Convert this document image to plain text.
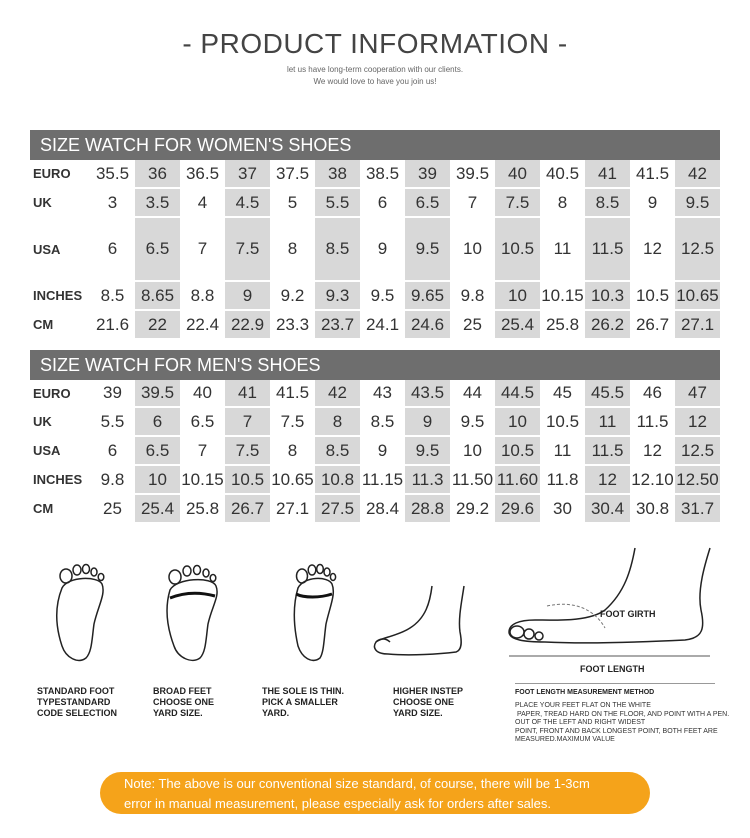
- PRODUCT INFORMATION -
let us have long-term cooperation with our clients.
We would love to have you join us!
SIZE WATCH FOR WOMEN'S SHOES
EURO	35.5	36	36.5	37	37.5	38	38.5	39	39.5	40	40.5	41	41.5	42
UK	3	3.5	4	4.5	5	5.5	6	6.5	7	7.5	8	8.5	9	9.5
USA	6	6.5	7	7.5	8	8.5	9	9.5	10	10.5	11	11.5	12	12.5
INCHES	8.5	8.65	8.8	9	9.2	9.3	9.5	9.65	9.8	10	10.15	10.3	10.5	10.65
CM	21.6	22	22.4	22.9	23.3	23.7	24.1	24.6	25	25.4	25.8	26.2	26.7	27.1
SIZE WATCH FOR MEN'S SHOES
EURO	39	39.5	40	41	41.5	42	43	43.5	44	44.5	45	45.5	46	47
UK	5.5	6	6.5	7	7.5	8	8.5	9	9.5	10	10.5	11	11.5	12
USA	6	6.5	7	7.5	8	8.5	9	9.5	10	10.5	11	11.5	12	12.5
INCHES	9.8	10	10.15	10.5	10.65	10.8	11.15	11.3	11.50	11.60	11.8	12	12.10	12.50
CM	25	25.4	25.8	26.7	27.1	27.5	28.4	28.8	29.2	29.6	30	30.4	30.8	31.7
FOOT GIRTH
FOOT LENGTH
STANDARD FOOT
TYPESTANDARD
CODE SELECTION
BROAD FEET
CHOOSE ONE
YARD SIZE.
THE SOLE IS THIN.
PICK A SMALLER
YARD.
HIGHER INSTEP
CHOOSE ONE
YARD SIZE.
FOOT LENGTH MEASUREMENT METHOD
PLACE YOUR FEET FLAT ON THE WHITE
PAPER, TREAD HARD ON THE FLOOR, AND POINT WITH A PEN.
OUT OF THE LEFT AND RIGHT WIDEST
POINT, FRONT AND BACK LONGEST POINT, BOTH FEET ARE
MEASURED.MAXIMUM VALUE
Note: The above is our conventional size standard, of course, there will be 1-3cm
error in manual measurement, please especially ask for orders after sales.
